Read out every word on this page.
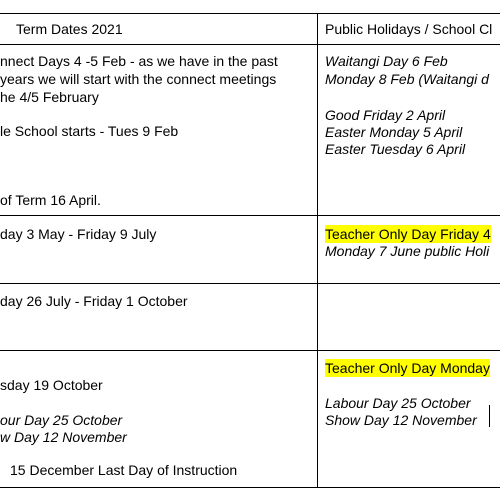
Term Dates 2021	Public Holidays / School Cl
nnect Days 4 -5 Feb - as we have in the past
years we will start with the connect meetings
he 4/5 February
le School starts - Tues 9 Feb
of Term 16 April.
Waitangi Day 6 Feb
Monday 8 Feb (Waitangi d
Good Friday 2 April
Easter Monday 5 April
Easter Tuesday 6 April
day 3 May - Friday 9 July	Teacher Only Day Friday 4
Monday 7 June public Holi
day 26 July - Friday 1 October
sday 19 October
our Day 25 October
w Day 12 November
15 December Last Day of Instruction
Teacher Only Day Monday
Labour Day 25 October
Show Day 12 November
